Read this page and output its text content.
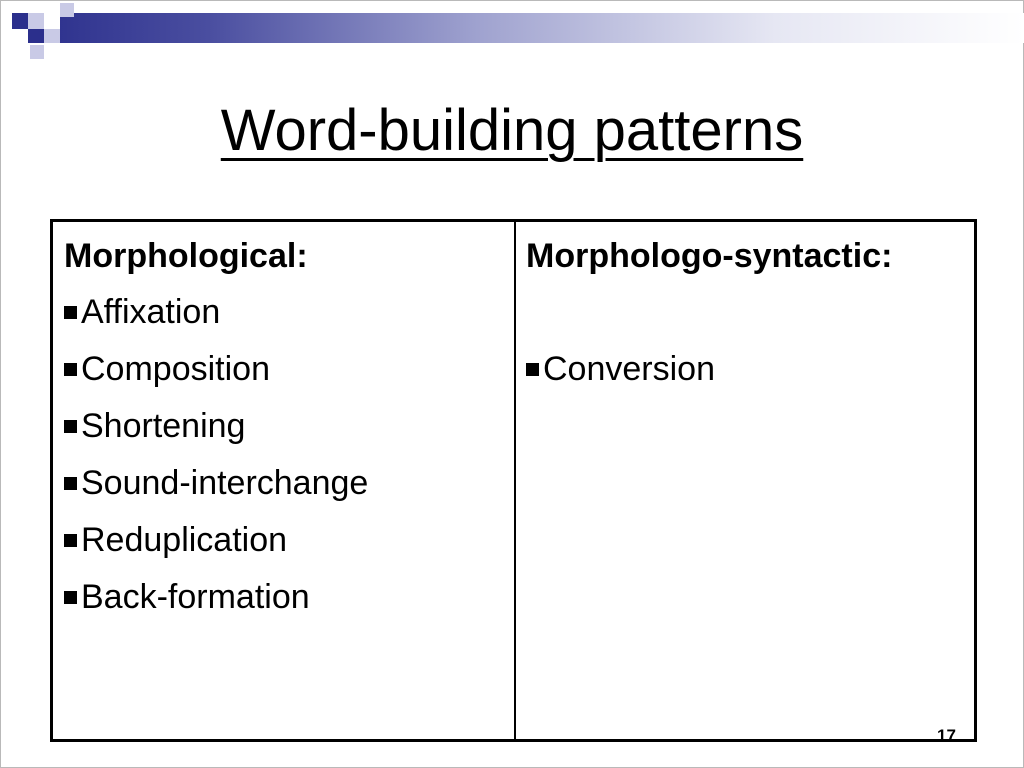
Word-building patterns
Morphological:
Affixation
Composition
Shortening
Sound-interchange
Reduplication
Back-formation
Morphologo-syntactic:
Conversion
17
